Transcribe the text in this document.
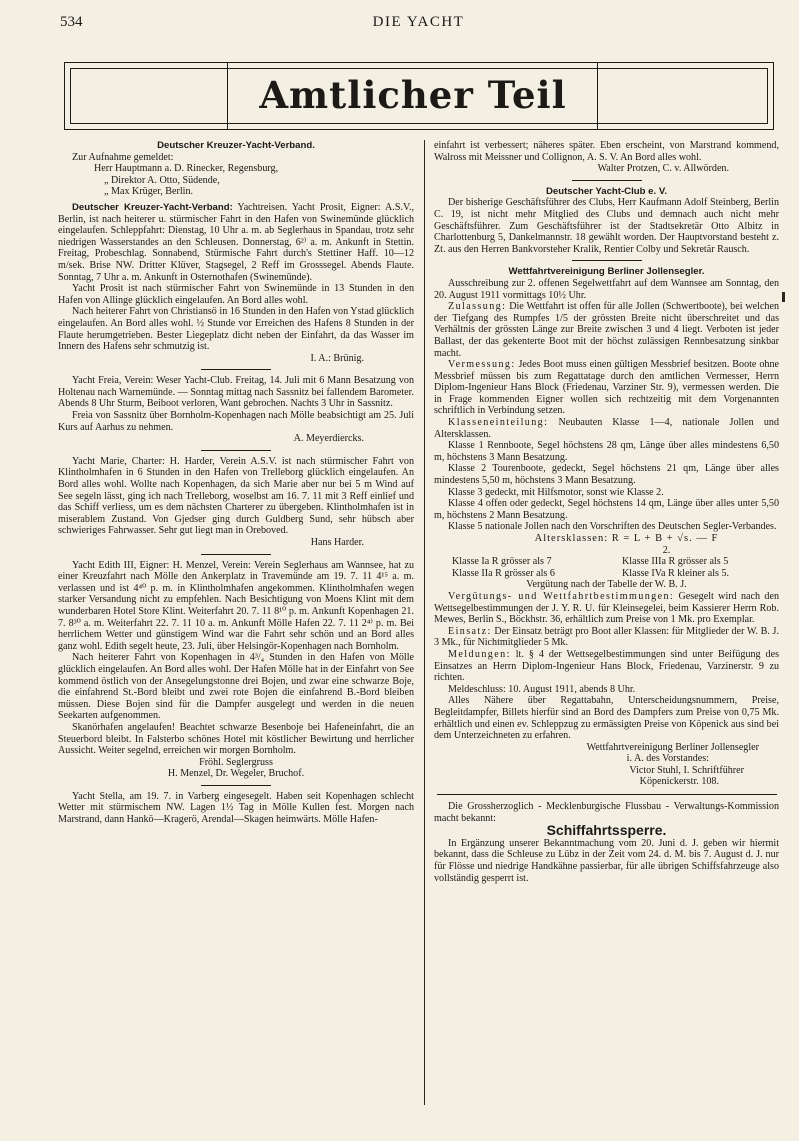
534	DIE YACHT
Amtlicher Teil

Deutscher Kreuzer-Yacht-Verband.

Zur Aufnahme gemeldet:

Herr Hauptmann a. D. Rinecker, Regensburg,

„ Direktor A. Otto, Südende,

„ Max Krüger, Berlin.

Deutscher Kreuzer-Yacht-Verband: Yachtreisen. Yacht Prosit, Eigner: A.S.V., Berlin, ist nach heiterer u. stürmischer Fahrt in den Hafen von Swinemünde glücklich eingelaufen. Schleppfahrt: Dienstag, 10 Uhr a. m. ab Seglerhaus in Spandau, trotz sehr niedrigen Wasserstandes an den Schleusen. Donnerstag, 6²⁾ a. m. Ankunft in Stettin. Freitag, Probeschlag. Sonnabend, Stürmische Fahrt durch's Stettiner Haff. 10—12 m/sek. Brise NW. Dritter Klüver, Stagsegel, 2 Reff im Grosssegel. Abends Flaute. Sonntag, 7 Uhr a. m. Ankunft in Osternothafen (Swinemünde).

Yacht Prosit ist nach stürmischer Fahrt von Swinemünde in 13 Stunden in den Hafen von Allinge glücklich eingelaufen. An Bord alles wohl.

Nach heiterer Fahrt von Christiansö in 16 Stunden in den Hafen von Ystad glücklich eingelaufen. An Bord alles wohl. ½ Stunde vor Erreichen des Hafens 8 Stunden in der Flaute herumgetrieben. Bester Liegeplatz dicht neben der Einfahrt, da das Wasser im Innern des Hafens sehr schmutzig ist.

I. A.: Brünig.

Yacht Freia, Verein: Weser Yacht-Club. Freitag, 14. Juli mit 6 Mann Besatzung von Holtenau nach Warnemünde. — Sonntag mittag nach Sassnitz bei fallendem Barometer. Abends 8 Uhr Sturm, Beiboot verloren, Want gebrochen. Nachts 3 Uhr in Sassnitz.

Freia von Sassnitz über Bornholm-Kopenhagen nach Mölle beabsichtigt am 25. Juli Kurs auf Aarhus zu nehmen.

A. Meyerdiercks.

Yacht Marie, Charter: H. Harder, Verein A.S.V. ist nach stürmischer Fahrt von Klintholmhafen in 6 Stunden in den Hafen von Trelleborg glücklich eingelaufen. An Bord alles wohl. Wollte nach Kopenhagen, da sich Marie aber nur bei 5 m Wind auf See segeln lässt, ging ich nach Trelleborg, woselbst am 16. 7. 11 mit 3 Reff einlief und das Schiff verliess, um es dem nächsten Charterer zu übergeben. Klintholmhafen ist in miserablem Zustand. Von Gjedser ging durch Guldberg Sund, sehr hübsch aber schwieriges Fahrwasser. Sehr gut liegt man in Oreboved.

Hans Harder.

Yacht Edith III, Eigner: H. Menzel, Verein: Verein Seglerhaus am Wannsee, hat zu einer Kreuzfahrt nach Mölle den Ankerplatz in Travemünde am 19. 7. 11 4¹⁵ a. m. verlassen und ist 4⁴⁰ p. m. in Klintholmhafen angekommen. Klintholmhafen wegen starker Versandung nicht zu empfehlen. Nach Besichtigung von Moens Klint mit dem wunderbaren Hotel Store Klint. Weiterfahrt 20. 7. 11 8¹⁰ p. m. Ankunft Kopenhagen 21. 7. 8³⁰ a. m. Weiterfahrt 22. 7. 11 10 a. m. Ankunft Mölle Hafen 22. 7. 11 2⁴⁾ p. m. Bei herrlichem Wetter und günstigem Wind war die Fahrt sehr schön und an Bord alles ganz wohl. Edith segelt heute, 23. Juli, über Helsingör-Kopenhagen nach Bornholm.

Nach heiterer Fahrt von Kopenhagen in 4³/₄ Stunden in den Hafen von Mölle glücklich eingelaufen. An Bord alles wohl. Der Hafen Mölle hat in der Einfahrt von See kommend östlich von der Ansegelungstonne drei Bojen, und zwar eine schwarze Boje, die einfahrend St.-Bord bleibt und zwei rote Bojen die einfahrend B.-Bord bleiben müssen. Diese Bojen sind für die Dampfer ausgelegt und werden in die neuen Seekarten aufgenommen.

Skanörhafen angelaufen! Beachtet schwarze Besenboje bei Hafeneinfahrt, die an Steuerbord bleibt. In Falsterbo schönes Hotel mit köstlicher Bewirtung und herrlicher Aussicht. Weiter segelnd, erreichen wir morgen Bornholm.

Fröhl. Seglergruss

H. Menzel, Dr. Wegeler, Bruchof.

Yacht Stella, am 19. 7. in Varberg eingesegelt. Haben seit Kopenhagen schlecht Wetter mit stürmischem NW. Lagen 1½ Tag in Mölle Kullen fest. Morgen nach Marstrand, dann Hankö—Kragerö, Arendal—Skagen heimwärts. Mölle Hafen-

einfahrt ist verbessert; näheres später. Eben erscheint, von Marstrand kommend, Walross mit Meissner und Collignon, A. S. V. An Bord alles wohl.

Walter Protzen, C. v. Allwörden.

Deutscher Yacht-Club e. V.

Der bisherige Geschäftsführer des Clubs, Herr Kaufmann Adolf Steinberg, Berlin C. 19, ist nicht mehr Mitglied des Clubs und demnach auch nicht mehr Geschäftsführer. Zum Geschäftsführer ist der Stadtsekretär Otto Albitz in Charlottenburg 5, Dankelmannstr. 18 gewählt worden. Der Hauptvorstand besteht z. Zt. aus den Herren Bankvorsteher Kralik, Rentier Colby und Sekretär Rausch.

Wettfahrtvereinigung Berliner Jollensegler.

Ausschreibung zur 2. offenen Segelwettfahrt auf dem Wannsee am Sonntag, den 20. August 1911 vormittags 10½ Uhr.

Zulassung: Die Wettfahrt ist offen für alle Jollen (Schwertboote), bei welchen der Tiefgang des Rumpfes 1/5 der grössten Breite nicht überschreitet und das Verhältnis der grössten Länge zur Breite zwischen 3 und 4 liegt. Verboten ist jeder Ballast, der das gekenterte Boot mit der höchst zulässigen Rennbesatzung sinkbar macht.

Vermessung: Jedes Boot muss einen gültigen Messbrief besitzen. Boote ohne Messbrief müssen bis zum Regattatage durch den amtlichen Vermesser, Herrn Diplom-Ingenieur Hans Block (Friedenau, Varziner Str. 9), vermessen werden. Die in Frage kommenden Eigner wollen sich rechtzeitig mit dem Vorgenannten schriftlich in Verbindung setzen.

Klasseneinteilung: Neubauten Klasse 1—4, nationale Jollen und Altersklassen.

Klasse 1 Rennboote, Segel höchstens 28 qm, Länge über alles mindestens 6,50 m, höchstens 3 Mann Besatzung.

Klasse 2 Tourenboote, gedeckt, Segel höchstens 21 qm, Länge über alles mindestens 5,50 m, höchstens 3 Mann Besatzung.

Klasse 3 gedeckt, mit Hilfsmotor, sonst wie Klasse 2.

Klasse 4 offen oder gedeckt, Segel höchstens 14 qm, Länge über alles unter 5,50 m, höchstens 2 Mann Besatzung.

Klasse 5 nationale Jollen nach den Vorschriften des Deutschen Segler-Verbandes.

Altersklassen: R = L + B + √s. — F

2.

Klasse Ia R grösser als 7	Klasse IIIa R grösser als 5
Klasse IIa R grösser als 6	Klasse IVa R kleiner als 5.

Vergütung nach der Tabelle der W. B. J.

Vergütungs- und Wettfahrtbestimmungen: Gesegelt wird nach den Wettsegelbestimmungen der J. Y. R. U. für Kleinsegelei, beim Kassierer Herrn Rob. Mewes, Berlin S., Böckhstr. 36, erhältlich zum Preise von 1 Mk. pro Exemplar.

Einsatz: Der Einsatz beträgt pro Boot aller Klassen: für Mitglieder der W. B. J. 3 Mk., für Nichtmitglieder 5 Mk.

Meldungen: lt. § 4 der Wettsegelbestimmungen sind unter Beifügung des Einsatzes an Herrn Diplom-Ingenieur Hans Block, Friedenau, Varzinerstr. 9 zu richten.

Meldeschluss: 10. August 1911, abends 8 Uhr.

Alles Nähere über Regattabahn, Unterscheidungsnummern, Preise, Begleitdampfer, Billets hierfür sind an Bord des Dampfers zum Preise von 0,75 Mk. erhältlich und einen ev. Schleppzug zu ermässigten Preise von Köpenick aus sind bei dem Unterzeichneten zu erfahren.

Wettfahrtvereinigung Berliner Jollensegler

i. A. des Vorstandes:

Victor Stuhl, I. Schriftführer

Köpenickerstr. 108.

Die Grossherzoglich - Mecklenburgische Flussbau - Verwaltungs-Kommission macht bekannt:

Schiffahrtssperre.

In Ergänzung unserer Bekanntmachung vom 20. Juni d. J. geben wir hiermit bekannt, dass die Schleuse zu Lübz in der Zeit vom 24. d. M. bis 7. August d. J. nur für Flösse und niedrige Handkähne passierbar, für alle übrigen Schiffsfahrzeuge also vollständig gesperrt ist.
